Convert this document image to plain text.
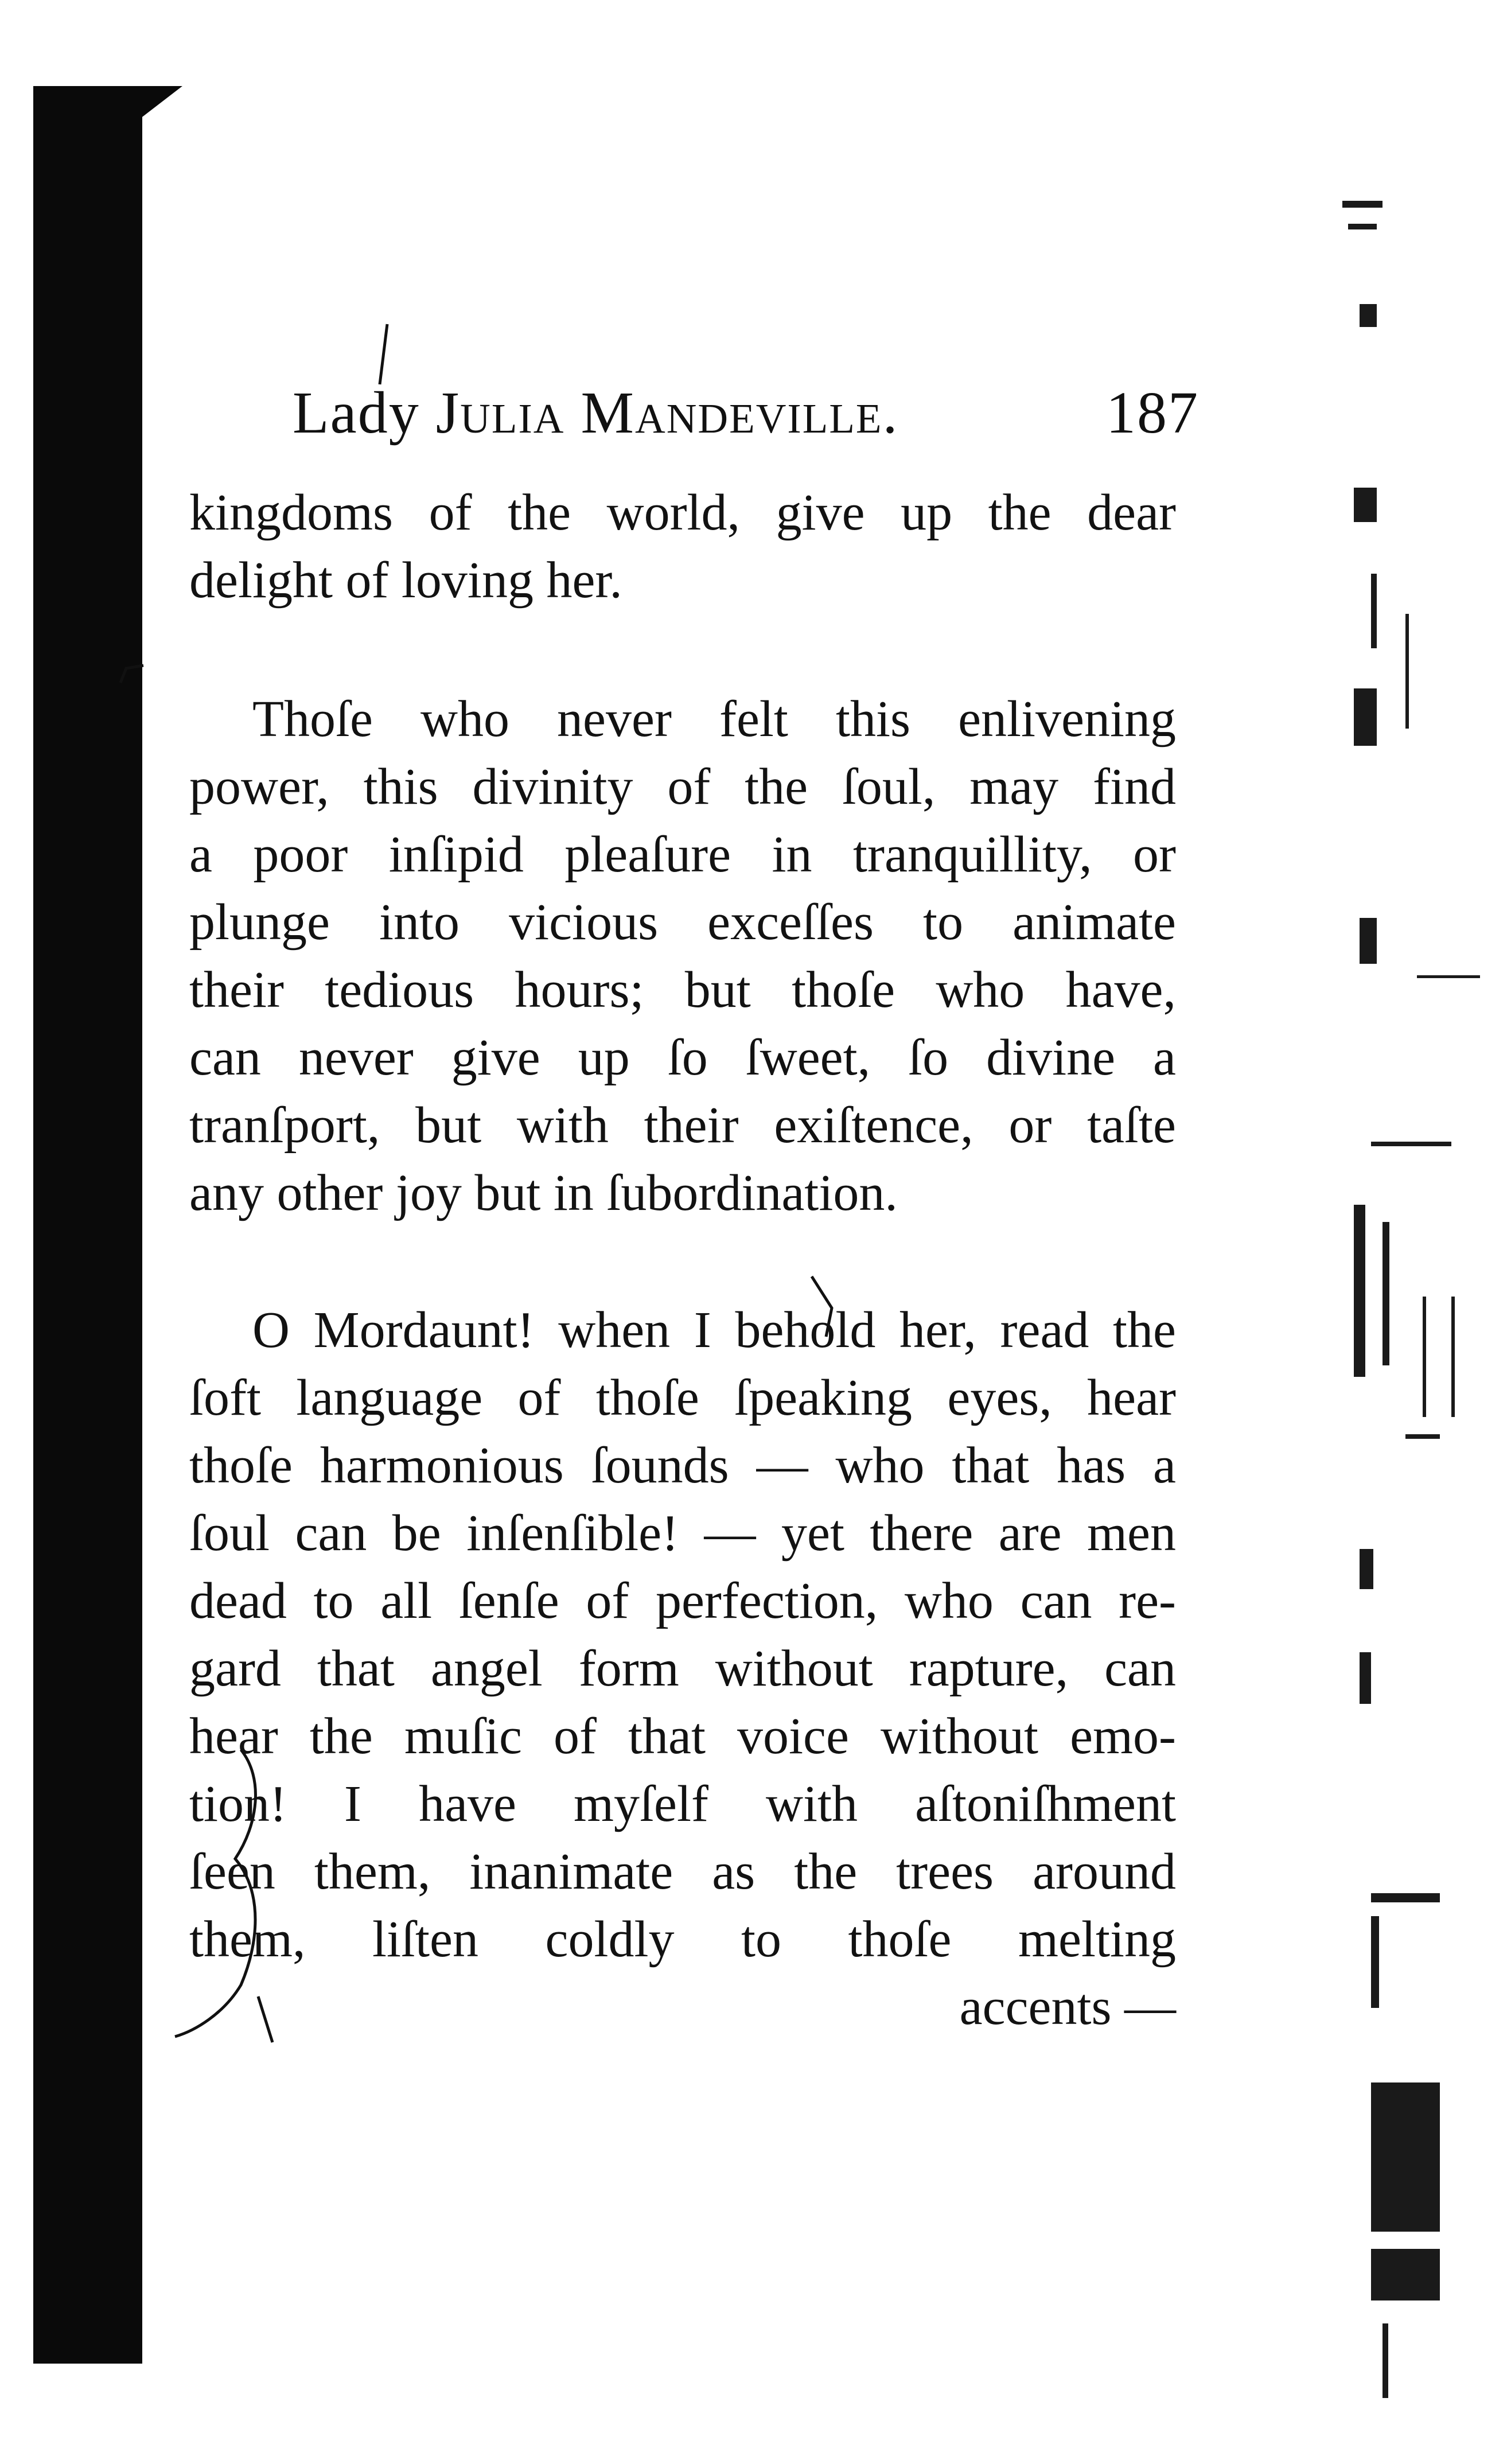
Lady Julia Mandeville.	187
kingdoms of the world, give up the dear
delight of loving her.
Thoſe who never felt this enlivening
power, this divinity of the ſoul, may find
a poor inſipid pleaſure in tranquillity, or
plunge into vicious exceſſes to animate
their tedious hours; but thoſe who have,
can never give up ſo ſweet, ſo divine a
tranſport, but with their exiſtence, or taſte
any other joy but in ſubordination.
O Mordaunt! when I behold her, read the
ſoft language of thoſe ſpeaking eyes, hear
thoſe harmonious ſounds — who that has a
ſoul can be inſenſible! — yet there are men
dead to all ſenſe of perfection, who can re-
gard that angel form without rapture, can
hear the muſic of that voice without emo-
tion! I have myſelf with aſtoniſhment
ſeen them, inanimate as the trees around
them, liſten coldly to thoſe melting
accents —
